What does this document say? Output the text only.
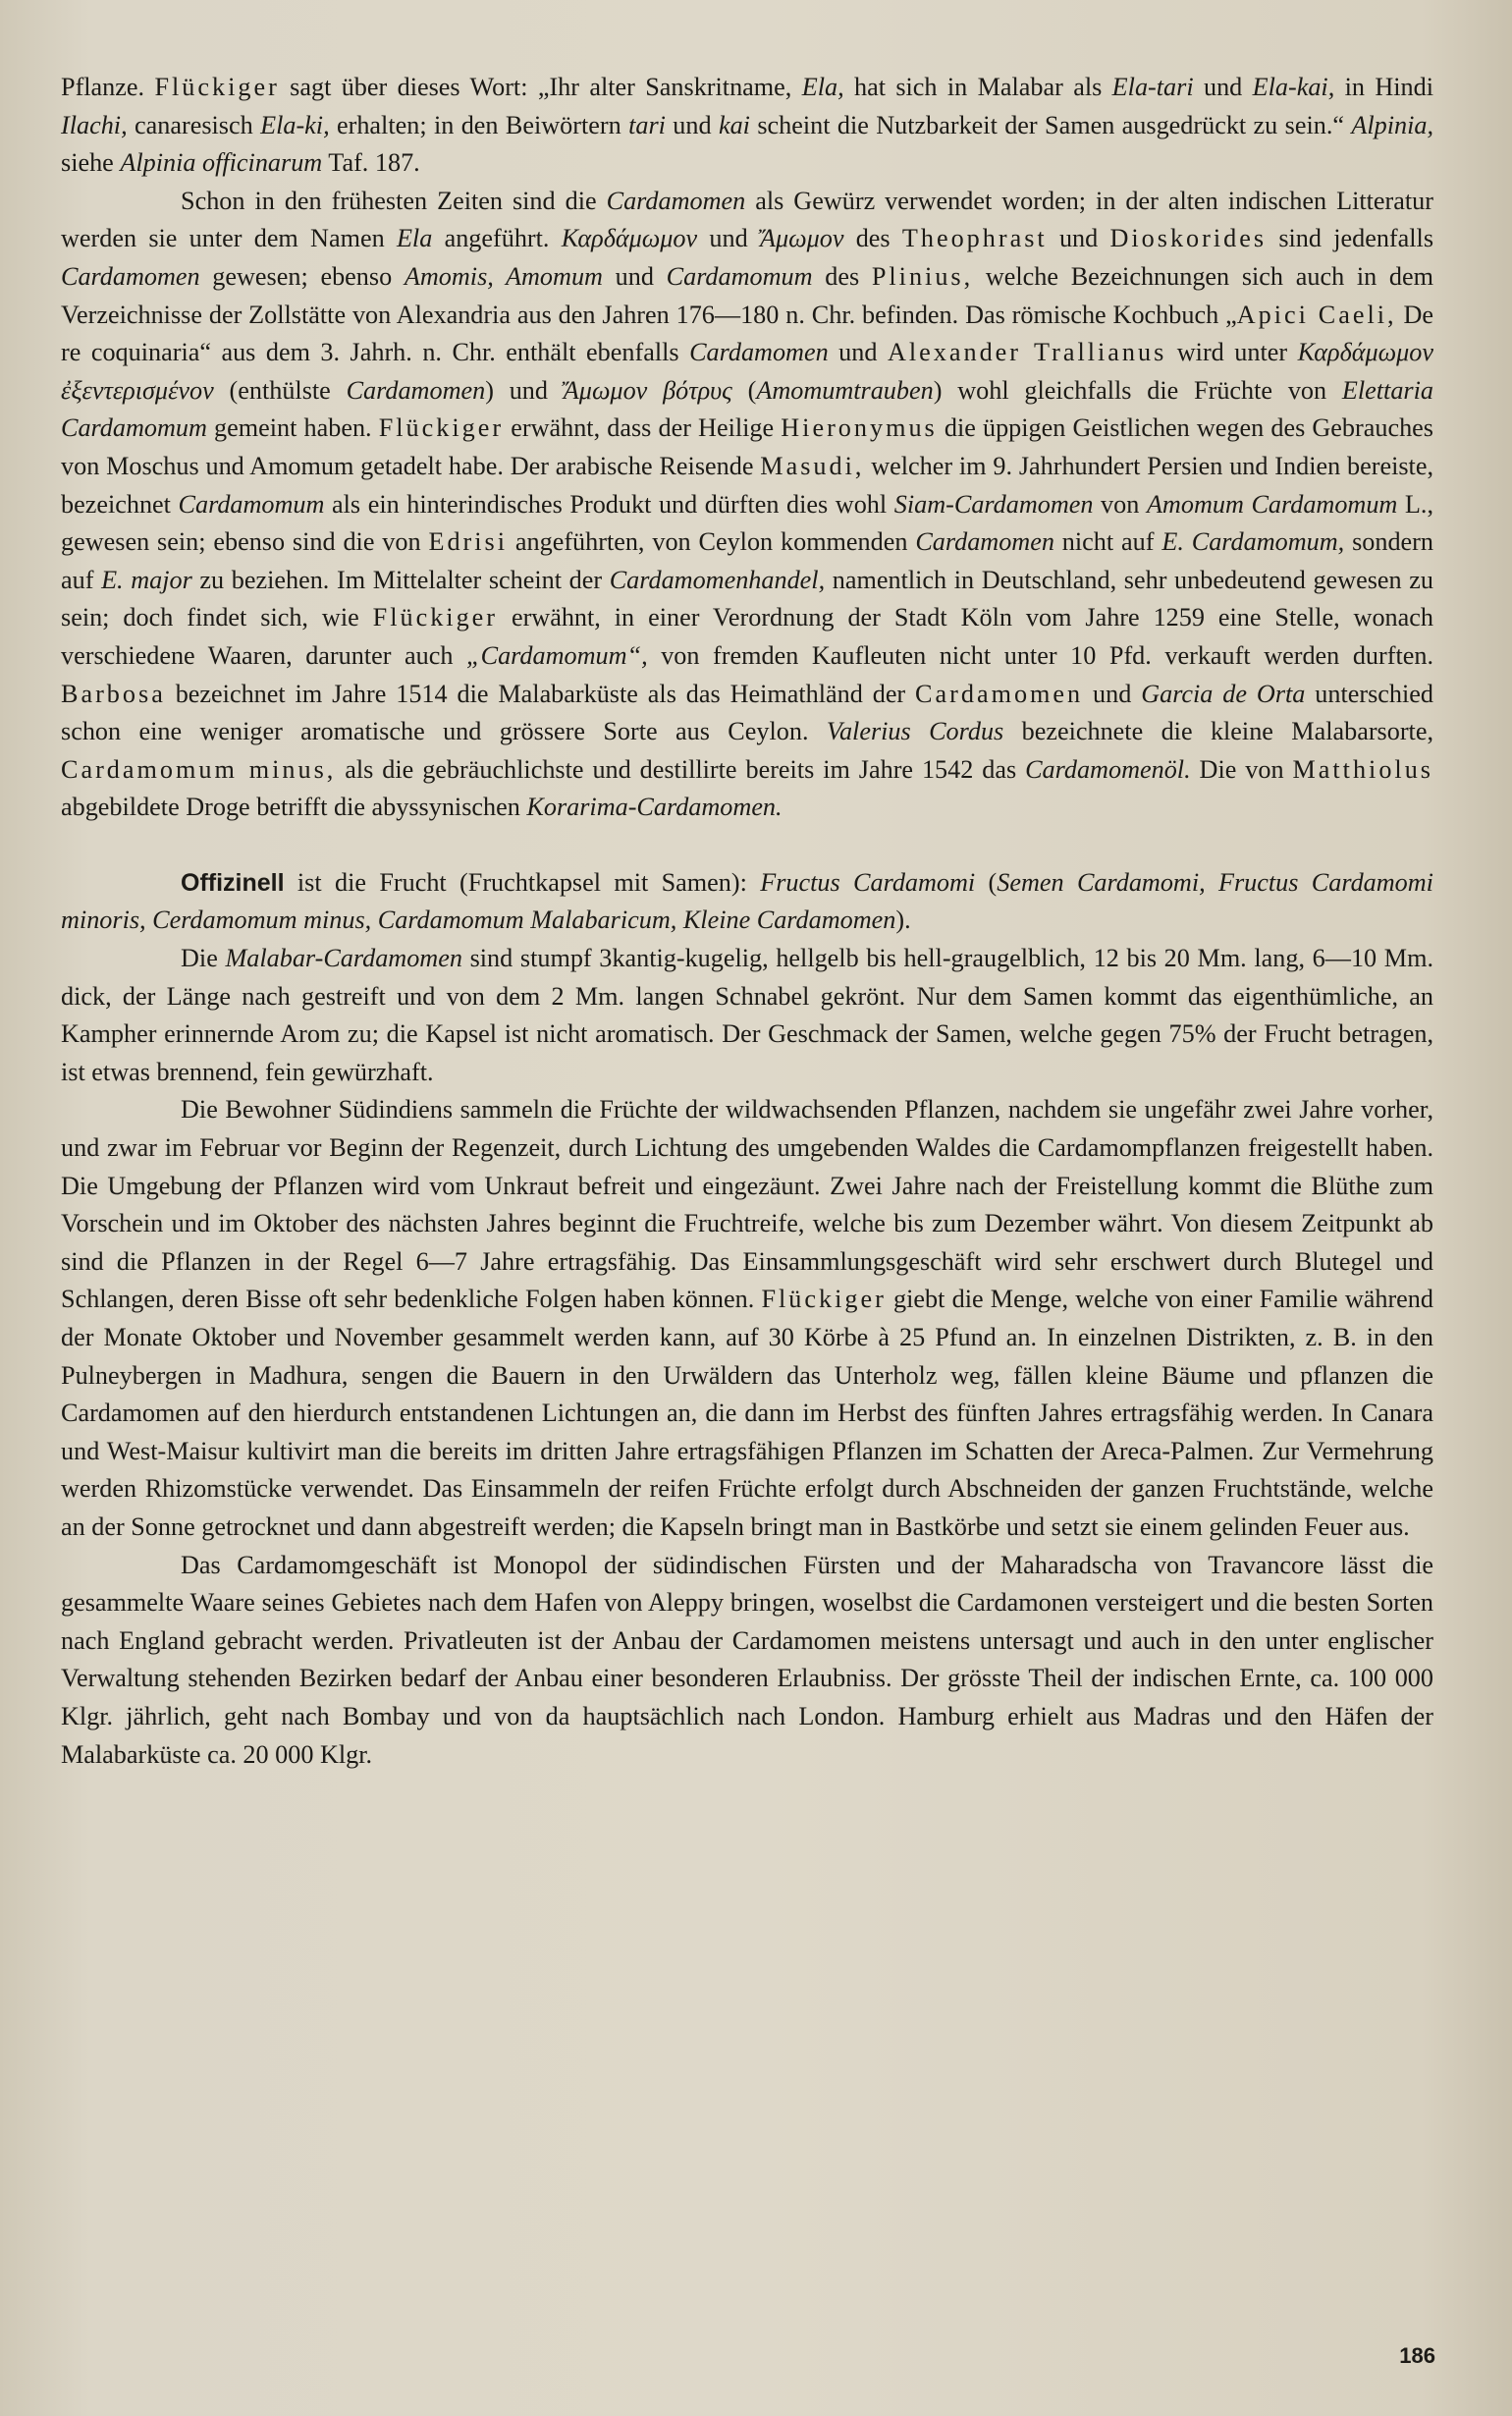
Pflanze. Flückiger sagt über dieses Wort: „Ihr alter Sanskritname, Ela, hat sich in Malabar als Ela-tari und Ela-kai, in Hindi Ilachi, canaresisch Ela-ki, erhalten; in den Beiwörtern tari und kai scheint die Nutzbarkeit der Samen ausgedrückt zu sein.“ Alpinia, siehe Alpinia officinarum Taf. 187.

Schon in den frühesten Zeiten sind die Cardamomen als Gewürz verwendet worden; in der alten indischen Litteratur werden sie unter dem Namen Ela angeführt. Καρδάμωμον und Ἄμωμον des Theophrast und Dioskorides sind jedenfalls Cardamomen gewesen; ebenso Amomis, Amomum und Cardamomum des Plinius, welche Bezeichnungen sich auch in dem Verzeichnisse der Zollstätte von Alexandria aus den Jahren 176—180 n. Chr. befinden. Das römische Kochbuch „Apici Caeli, De re coquinaria“ aus dem 3. Jahrh. n. Chr. enthält ebenfalls Cardamomen und Alexander Trallianus wird unter Καρδάμωμον ἐξεντερισμένον (enthülste Cardamomen) und Ἄμωμον βότρυς (Amomumtrauben) wohl gleichfalls die Früchte von Elettaria Cardamomum gemeint haben. Flückiger erwähnt, dass der Heilige Hieronymus die üppigen Geistlichen wegen des Gebrauches von Moschus und Amomum getadelt habe. Der arabische Reisende Masudi, welcher im 9. Jahrhundert Persien und Indien bereiste, bezeichnet Cardamomum als ein hinterindisches Produkt und dürften dies wohl Siam-Cardamomen von Amomum Cardamomum L., gewesen sein; ebenso sind die von Edrisi angeführten, von Ceylon kommenden Cardamomen nicht auf E. Cardamomum, sondern auf E. major zu beziehen. Im Mittelalter scheint der Cardamomenhandel, namentlich in Deutschland, sehr unbedeutend gewesen zu sein; doch findet sich, wie Flückiger erwähnt, in einer Verordnung der Stadt Köln vom Jahre 1259 eine Stelle, wonach verschiedene Waaren, darunter auch „Cardamomum“, von fremden Kaufleuten nicht unter 10 Pfd. verkauft werden durften. Barbosa bezeichnet im Jahre 1514 die Malabarküste als das Heimathländ der Cardamomen und Garcia de Orta unterschied schon eine weniger aromatische und grössere Sorte aus Ceylon. Valerius Cordus bezeichnete die kleine Malabarsorte, Cardamomum minus, als die gebräuchlichste und destillirte bereits im Jahre 1542 das Cardamomenöl. Die von Matthiolus abgebildete Droge betrifft die abyssynischen Korarima-Cardamomen.

Offizinell ist die Frucht (Fruchtkapsel mit Samen): Fructus Cardamomi (Semen Cardamomi, Fructus Cardamomi minoris, Cerdamomum minus, Cardamomum Malabaricum, Kleine Cardamomen).

Die Malabar-Cardamomen sind stumpf 3kantig-kugelig, hellgelb bis hell-graugelblich, 12 bis 20 Mm. lang, 6—10 Mm. dick, der Länge nach gestreift und von dem 2 Mm. langen Schnabel gekrönt. Nur dem Samen kommt das eigenthümliche, an Kampher erinnernde Arom zu; die Kapsel ist nicht aromatisch. Der Geschmack der Samen, welche gegen 75% der Frucht betragen, ist etwas brennend, fein gewürzhaft.

Die Bewohner Südindiens sammeln die Früchte der wildwachsenden Pflanzen, nachdem sie ungefähr zwei Jahre vorher, und zwar im Februar vor Beginn der Regenzeit, durch Lichtung des umgebenden Waldes die Cardamompflanzen freigestellt haben. Die Umgebung der Pflanzen wird vom Unkraut befreit und eingezäunt. Zwei Jahre nach der Freistellung kommt die Blüthe zum Vorschein und im Oktober des nächsten Jahres beginnt die Fruchtreife, welche bis zum Dezember währt. Von diesem Zeitpunkt ab sind die Pflanzen in der Regel 6—7 Jahre ertragsfähig. Das Einsammlungsgeschäft wird sehr erschwert durch Blutegel und Schlangen, deren Bisse oft sehr bedenkliche Folgen haben können. Flückiger giebt die Menge, welche von einer Familie während der Monate Oktober und November gesammelt werden kann, auf 30 Körbe à 25 Pfund an. In einzelnen Distrikten, z. B. in den Pulneybergen in Madhura, sengen die Bauern in den Urwäldern das Unterholz weg, fällen kleine Bäume und pflanzen die Cardamomen auf den hierdurch entstandenen Lichtungen an, die dann im Herbst des fünften Jahres ertragsfähig werden. In Canara und West-Maisur kultivirt man die bereits im dritten Jahre ertragsfähigen Pflanzen im Schatten der Areca-Palmen. Zur Vermehrung werden Rhizomstücke verwendet. Das Einsammeln der reifen Früchte erfolgt durch Abschneiden der ganzen Fruchtstände, welche an der Sonne getrocknet und dann abgestreift werden; die Kapseln bringt man in Bastkörbe und setzt sie einem gelinden Feuer aus.

Das Cardamomgeschäft ist Monopol der südindischen Fürsten und der Maharadscha von Travancore lässt die gesammelte Waare seines Gebietes nach dem Hafen von Aleppy bringen, woselbst die Cardamonen versteigert und die besten Sorten nach England gebracht werden. Privatleuten ist der Anbau der Cardamomen meistens untersagt und auch in den unter englischer Verwaltung stehenden Bezirken bedarf der Anbau einer besonderen Erlaubniss. Der grösste Theil der indischen Ernte, ca. 100 000 Klgr. jährlich, geht nach Bombay und von da hauptsächlich nach London. Hamburg erhielt aus Madras und den Häfen der Malabarküste ca. 20 000 Klgr.

186
